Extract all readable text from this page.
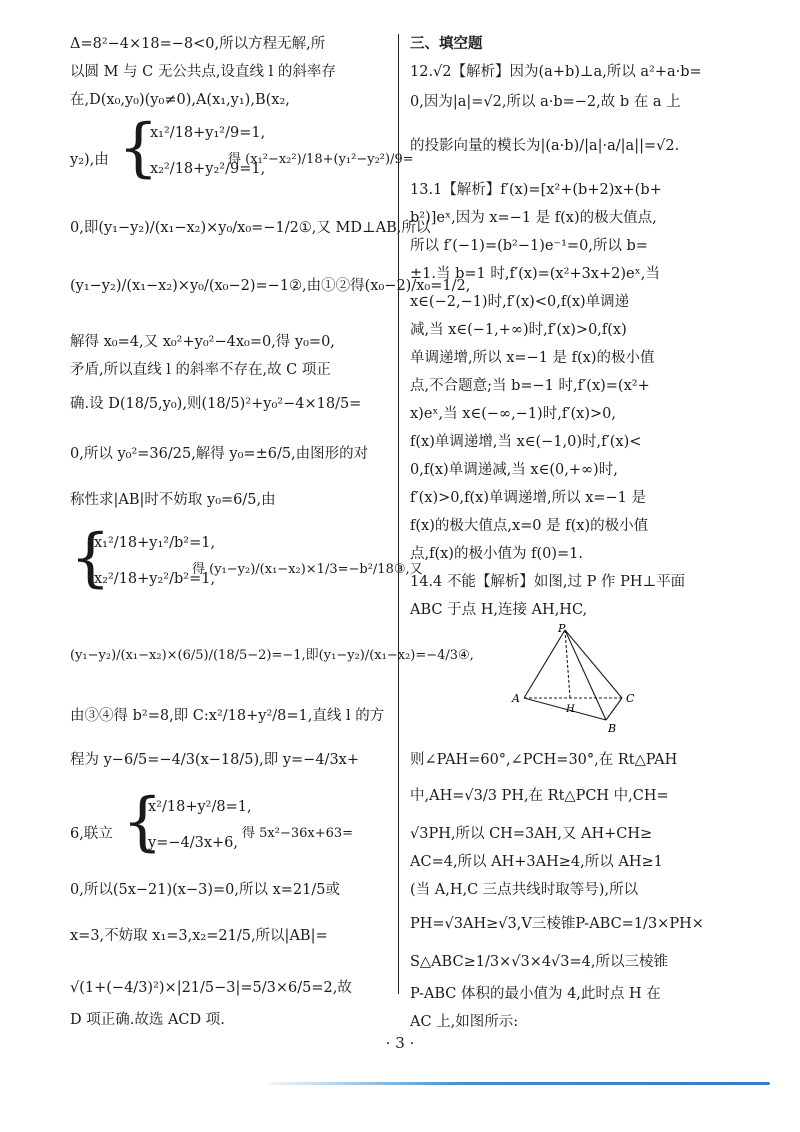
Δ=8²−4×18=−8<0,所以方程无解,所
以圆 M 与 C 无公共点,设直线 l 的斜率存
在,D(x₀,y₀)(y₀≠0),A(x₁,y₁),B(x₂,
y₂),由 {
x₁²/18+y₁²/9=1,
x₂²/18+y₂²/9=1,
得 (x₁²−x₂²)/18+(y₁²−y₂²)/9=
0,即(y₁−y₂)/(x₁−x₂)×y₀/x₀=−1/2①,又 MD⊥AB,所以
(y₁−y₂)/(x₁−x₂)×y₀/(x₀−2)=−1②,由①②得(x₀−2)/x₀=1/2,
解得 x₀=4,又 x₀²+y₀²−4x₀=0,得 y₀=0,
矛盾,所以直线 l 的斜率不存在,故 C 项正
确.设 D(18/5,y₀),则(18/5)²+y₀²−4×18/5=
0,所以 y₀²=36/25,解得 y₀=±6/5,由图形的对
称性求|AB|时不妨取 y₀=6/5,由
{
x₁²/18+y₁²/b²=1,
x₂²/18+y₂²/b²=1,
得 (y₁−y₂)/(x₁−x₂)×1/3=−b²/18③,又
(y₁−y₂)/(x₁−x₂)×(6/5)/(18/5−2)=−1,即(y₁−y₂)/(x₁−x₂)=−4/3④,
由③④得 b²=8,即 C:x²/18+y²/8=1,直线 l 的方
程为 y−6/5=−4/3(x−18/5),即 y=−4/3x+
6,联立 {
x²/18+y²/8=1,
y=−4/3x+6,
得 5x²−36x+63=
0,所以(5x−21)(x−3)=0,所以 x=21/5或
x=3,不妨取 x₁=3,x₂=21/5,所以|AB|=
√(1+(−4/3)²)×|21/5−3|=5/3×6/5=2,故
D 项正确.故选 ACD 项.
三、填空题
12.√2【解析】因为(a+b)⊥a,所以 a²+a·b=
0,因为|a|=√2,所以 a·b=−2,故 b 在 a 上
的投影向量的模长为|(a·b)/|a|·a/|a||=√2.
13.1【解析】f′(x)=[x²+(b+2)x+(b+
b²)]eˣ,因为 x=−1 是 f(x)的极大值点,
所以 f′(−1)=(b²−1)e⁻¹=0,所以 b=
±1.当 b=1 时,f′(x)=(x²+3x+2)eˣ,当
x∈(−2,−1)时,f′(x)<0,f(x)单调递
减,当 x∈(−1,+∞)时,f′(x)>0,f(x)
单调递增,所以 x=−1 是 f(x)的极小值
点,不合题意;当 b=−1 时,f′(x)=(x²+
x)eˣ,当 x∈(−∞,−1)时,f′(x)>0,
f(x)单调递增,当 x∈(−1,0)时,f′(x)<
0,f(x)单调递减,当 x∈(0,+∞)时,
f′(x)>0,f(x)单调递增,所以 x=−1 是
f(x)的极大值点,x=0 是 f(x)的极小值
点,f(x)的极小值为 f(0)=1.
14.4 不能【解析】如图,过 P 作 PH⊥平面
ABC 于点 H,连接 AH,HC,
P
A
H
C
B
则∠PAH=60°,∠PCH=30°,在 Rt△PAH
中,AH=√3/3 PH,在 Rt△PCH 中,CH=
√3PH,所以 CH=3AH,又 AH+CH≥
AC=4,所以 AH+3AH≥4,所以 AH≥1
(当 A,H,C 三点共线时取等号),所以
PH=√3AH≥√3,V三棱锥P-ABC=1/3×PH×
S△ABC≥1/3×√3×4√3=4,所以三棱锥
P-ABC 体积的最小值为 4,此时点 H 在
AC 上,如图所示:
· 3 ·
